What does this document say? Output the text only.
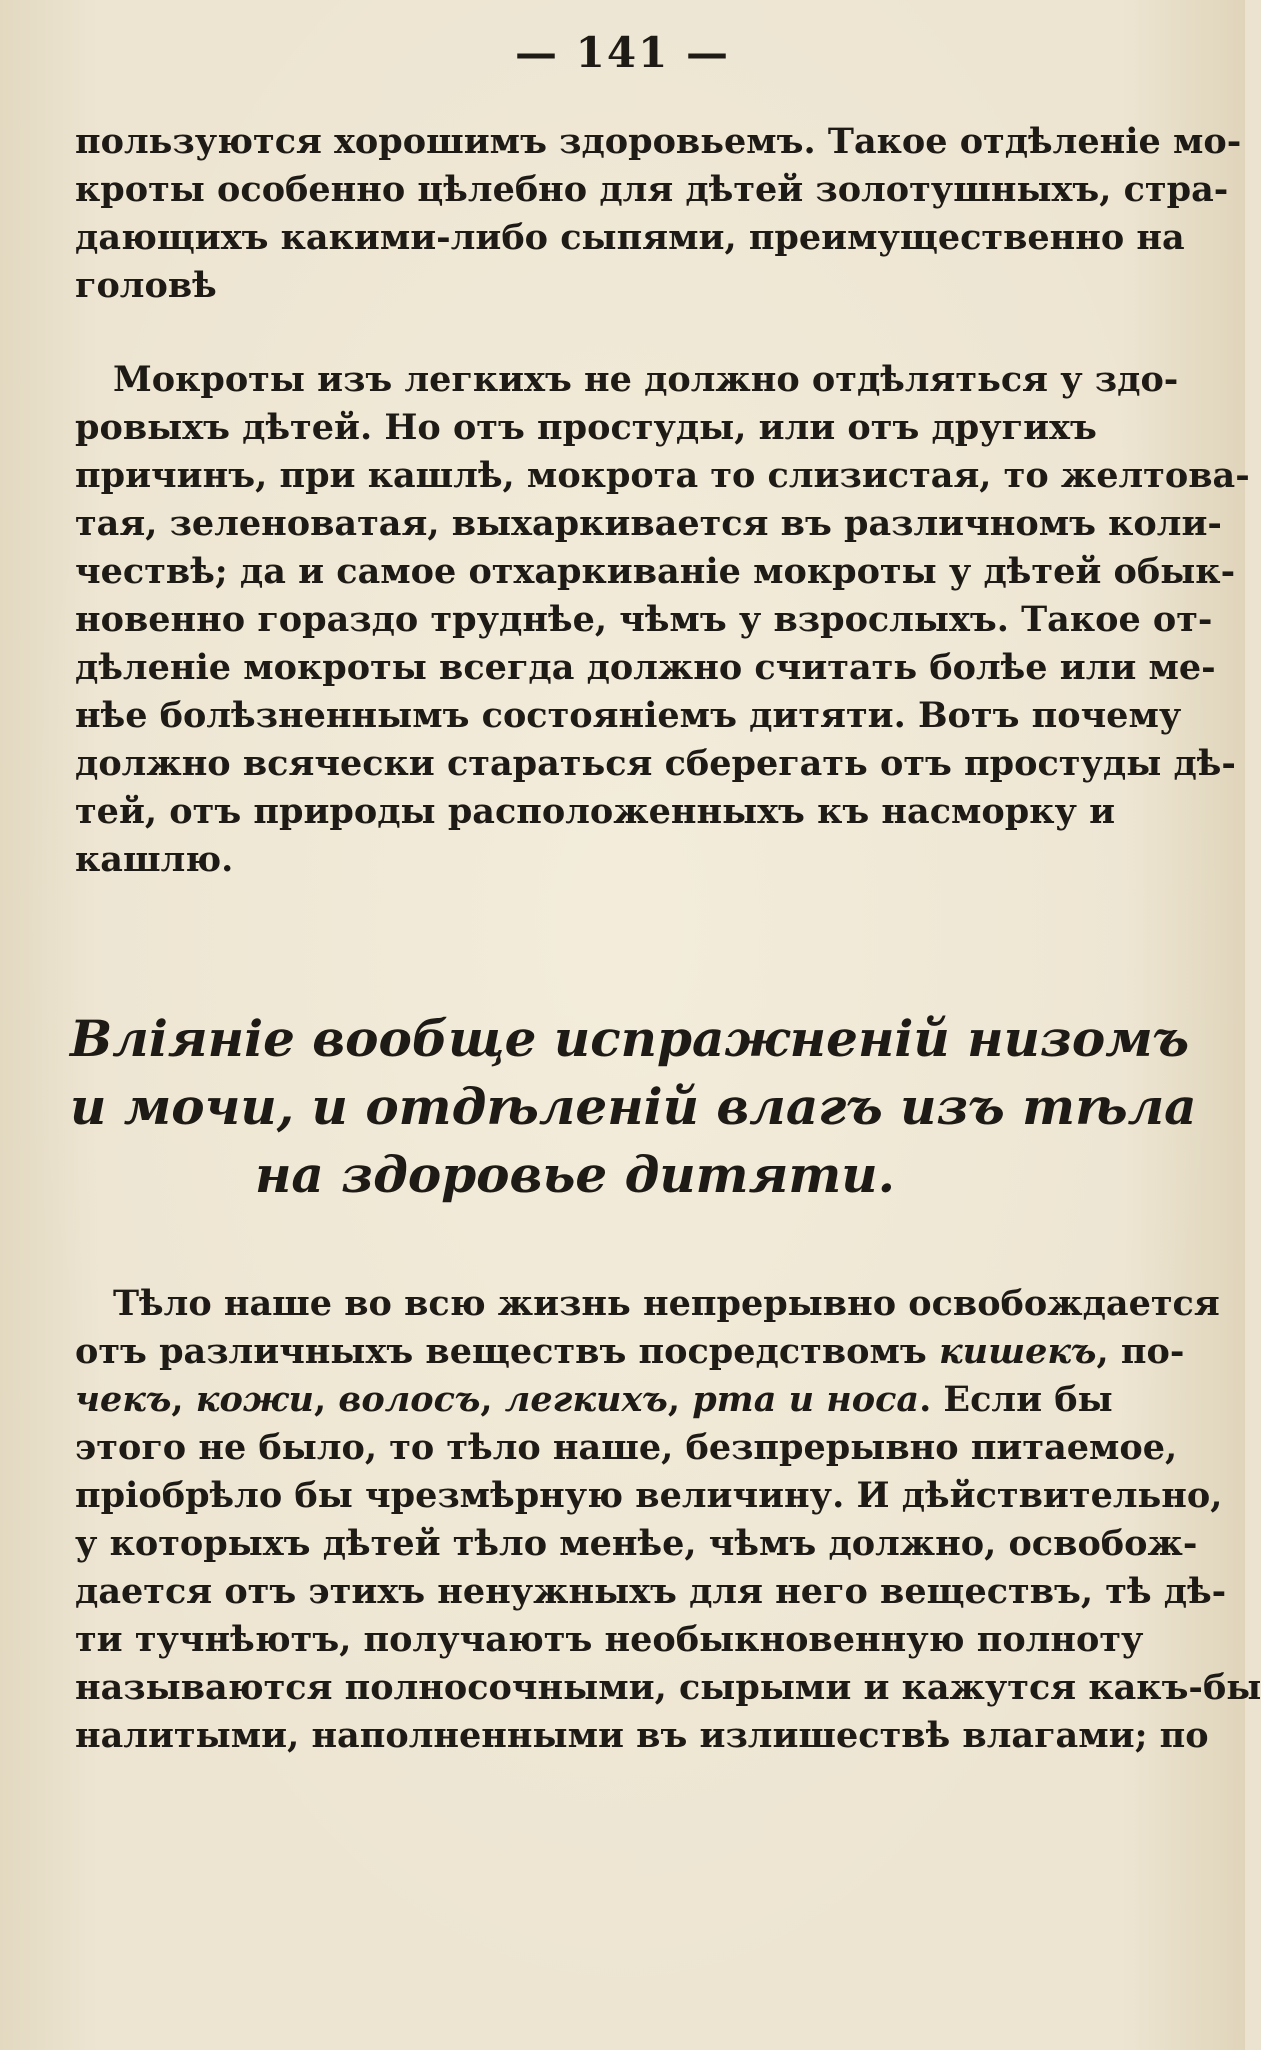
— 141 —
пользуются хорошимъ здоровьемъ. Такое отдѣленіе мо-
кроты особенно цѣлебно для дѣтей золотушныхъ, стра-
дающихъ какими-либо сыпями, преимущественно на
головѣ
Мокроты изъ легкихъ не должно отдѣляться у здо-
ровыхъ дѣтей. Но отъ простуды, или отъ другихъ
причинъ, при кашлѣ, мокрота то слизистая, то желтова-
тая, зеленоватая, выхаркивается въ различномъ коли-
чествѣ; да и самое отхаркиваніе мокроты у дѣтей обык-
новенно гораздо труднѣе, чѣмъ у взрослыхъ. Такое от-
дѣленіе мокроты всегда должно считать болѣе или ме-
нѣе болѣзненнымъ состояніемъ дитяти. Вотъ почему
должно всячески стараться сберегать отъ простуды дѣ-
тей, отъ природы расположенныхъ къ насморку и
кашлю.
Вліяніе вообще испражненій низомъ
и мочи, и отдѣленій влагъ изъ тѣла
на здоровье дитяти.
Тѣло наше во всю жизнь непрерывно освобождается
отъ различныхъ веществъ посредствомъ кишекъ, по-
чекъ, кожи, волосъ, легкихъ, рта и носа. Если бы
этого не было, то тѣло наше, безпрерывно питаемое,
пріобрѣло бы чрезмѣрную величину. И дѣйствительно,
у которыхъ дѣтей тѣло менѣе, чѣмъ должно, освобож-
дается отъ этихъ ненужныхъ для него веществъ, тѣ дѣ-
ти тучнѣютъ, получаютъ необыкновенную полноту
называются полносочными, сырыми и кажутся какъ-бы
налитыми, наполненными въ излишествѣ влагами; по
